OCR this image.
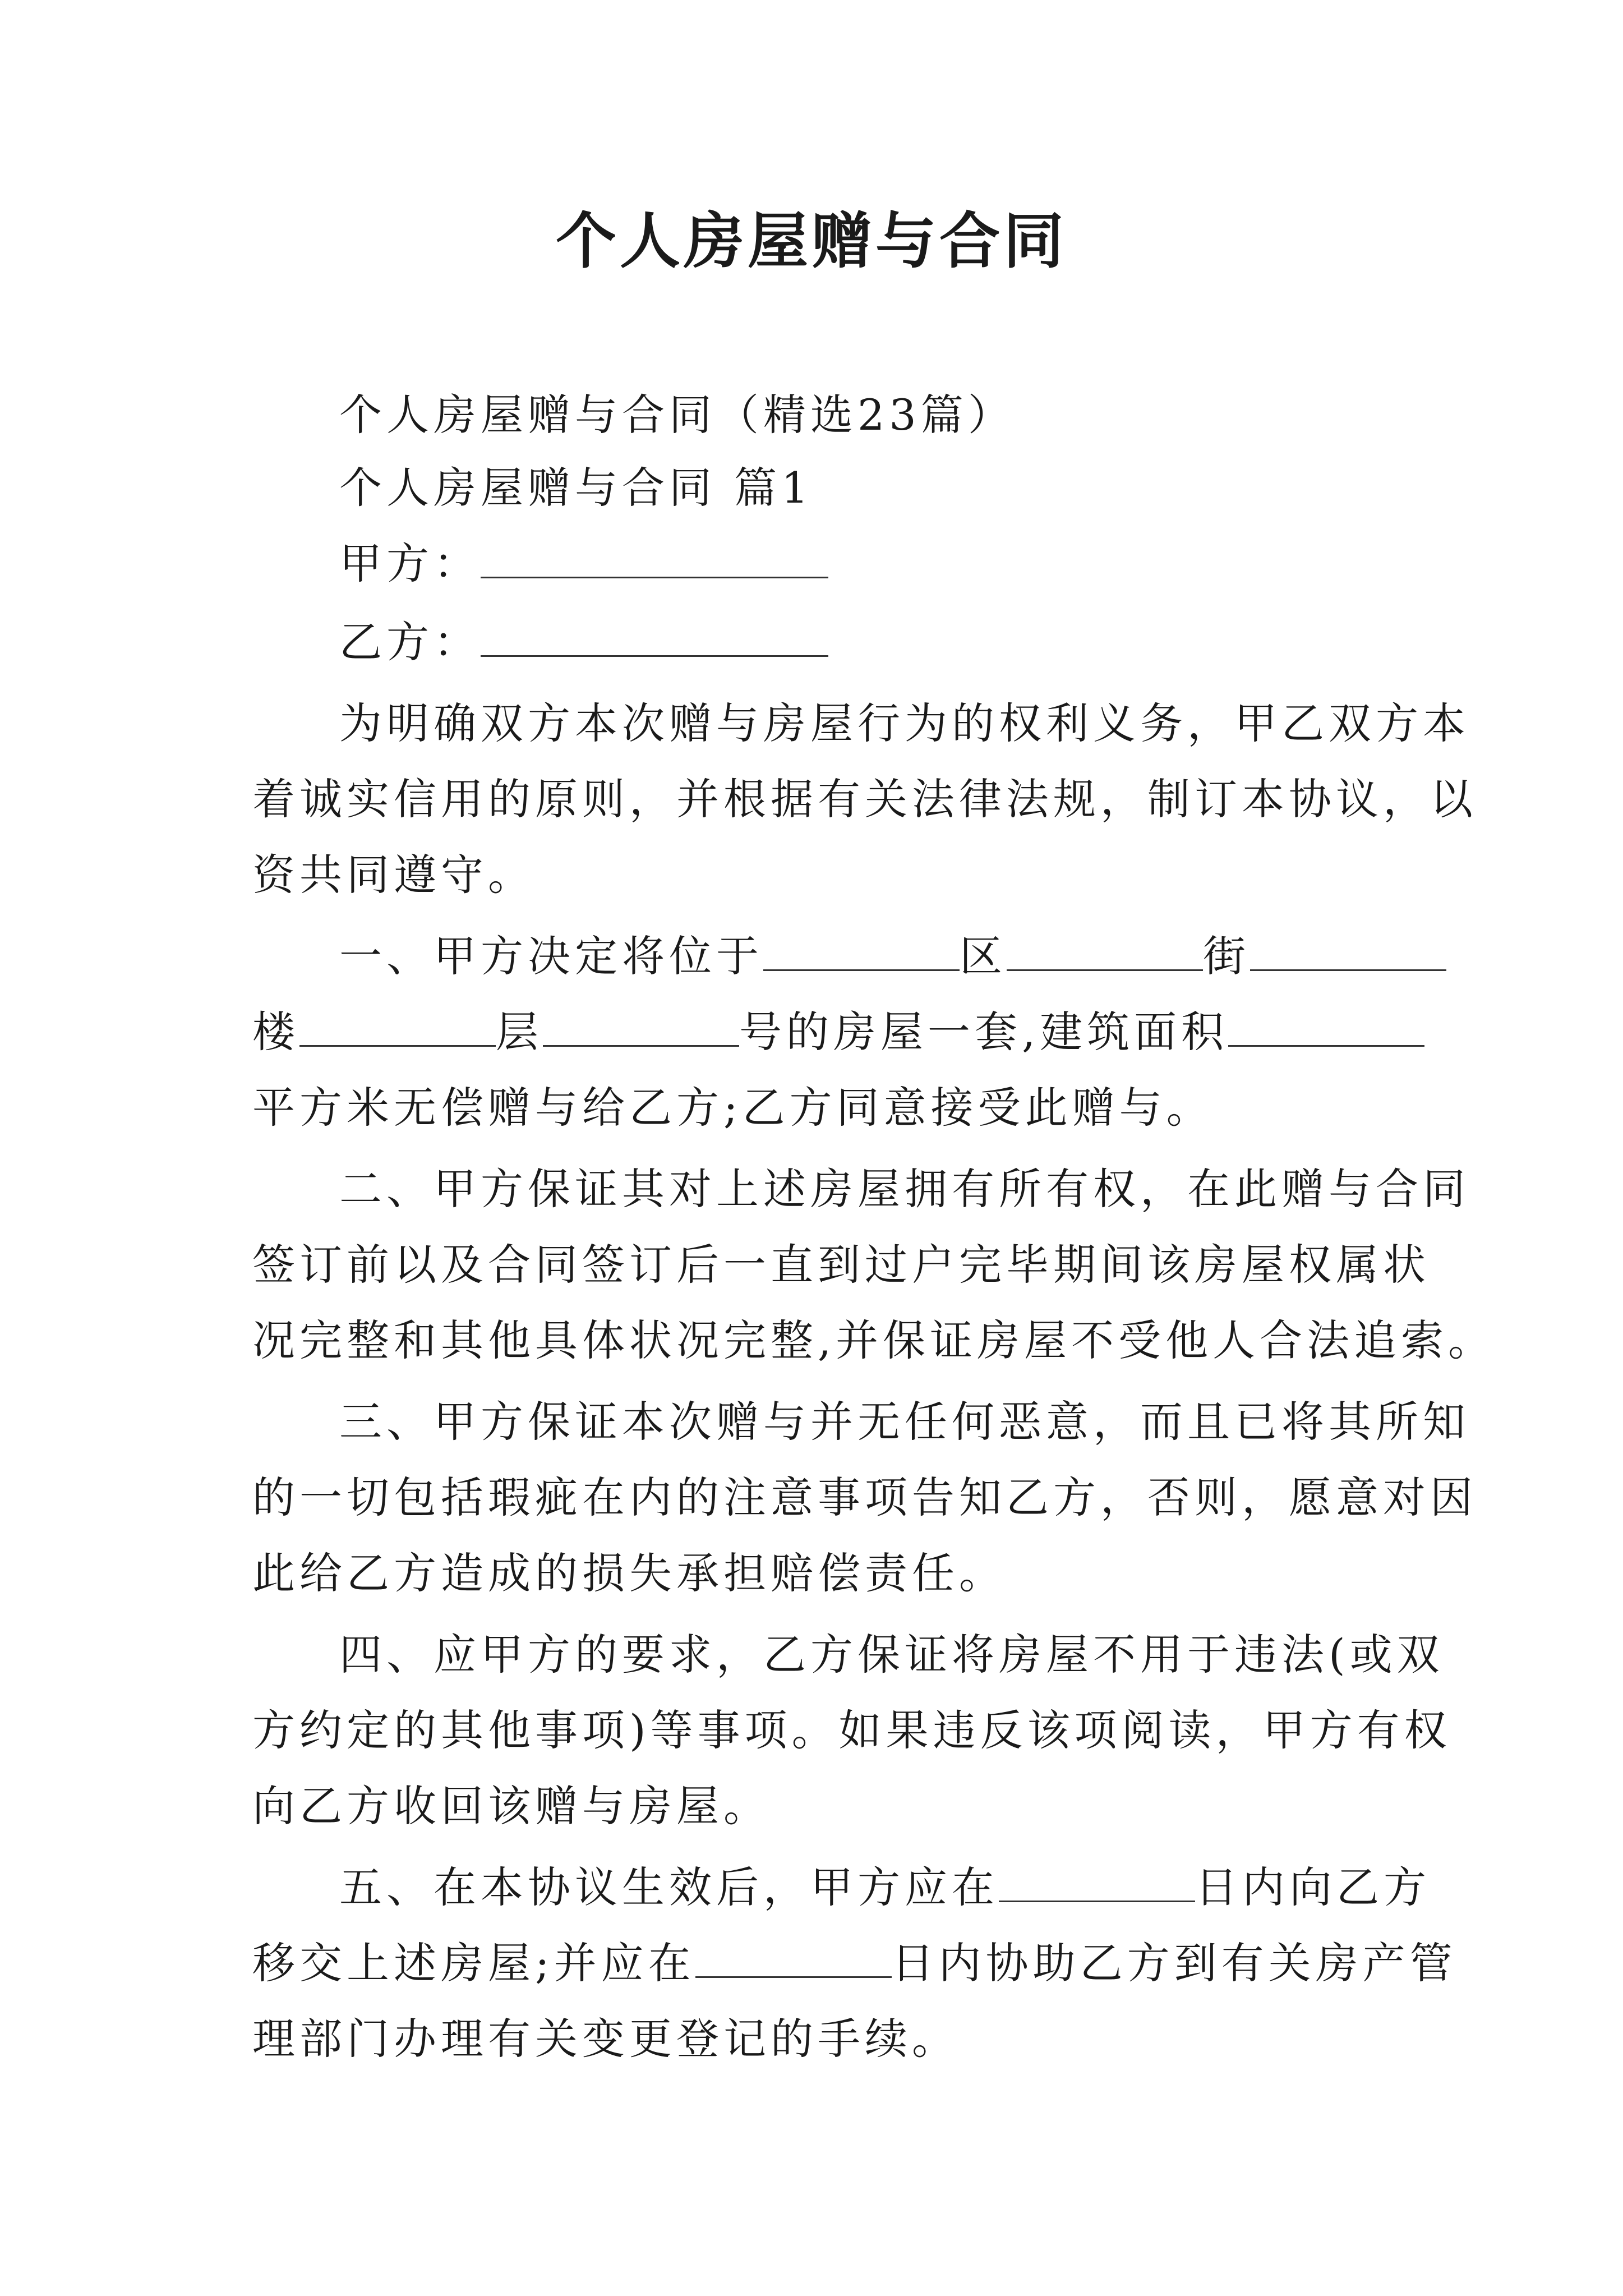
个人房屋赠与合同
个人房屋赠与合同（精选23篇）
个人房屋赠与合同 篇1
甲方：
乙方：
为明确双方本次赠与房屋行为的权利义务，甲乙双方本
着诚实信用的原则，并根据有关法律法规，制订本协议，以
资共同遵守。
一、甲方决定将位于	区	街
楼	层	号的房屋一套,建筑面积
平方米无偿赠与给乙方;乙方同意接受此赠与。
二、甲方保证其对上述房屋拥有所有权，在此赠与合同
签订前以及合同签订后一直到过户完毕期间该房屋权属状
况完整和其他具体状况完整,并保证房屋不受他人合法追索。
三、甲方保证本次赠与并无任何恶意，而且已将其所知
的一切包括瑕疵在内的注意事项告知乙方，否则，愿意对因
此给乙方造成的损失承担赔偿责任。
四、应甲方的要求，乙方保证将房屋不用于违法(或双
方约定的其他事项)等事项。如果违反该项阅读，甲方有权
向乙方收回该赠与房屋。
五、在本协议生效后，甲方应在	日内向乙方
移交上述房屋;并应在	日内协助乙方到有关房产管
理部门办理有关变更登记的手续。
